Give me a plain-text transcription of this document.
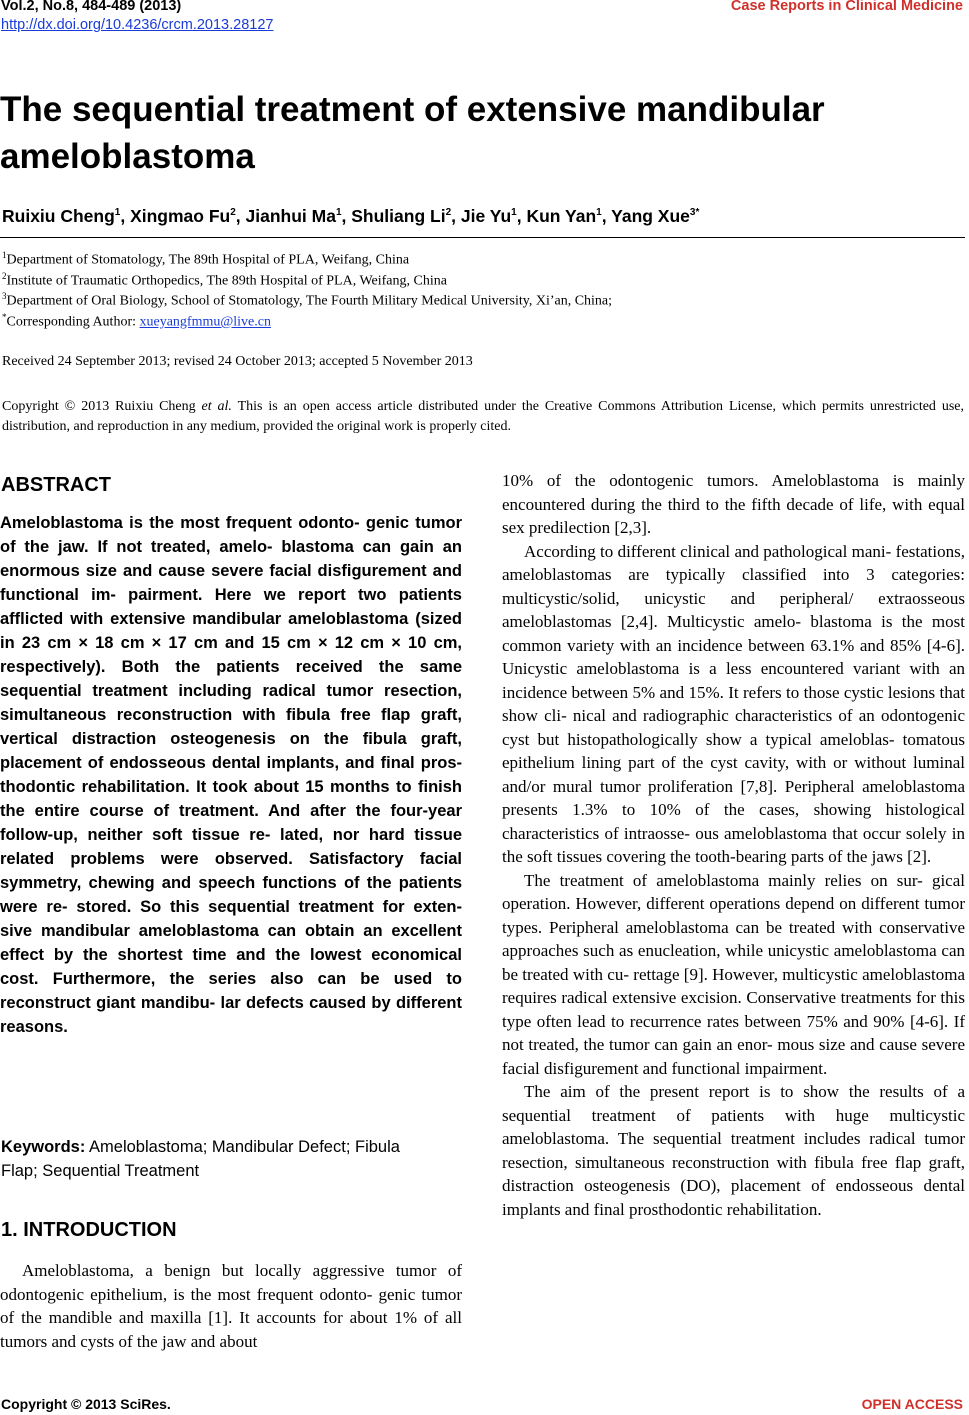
Vol.2, No.8, 484-489 (2013)
http://dx.doi.org/10.4236/crcm.2013.28127
Case Reports in Clinical Medicine
The sequential treatment of extensive mandibular ameloblastoma
Ruixiu Cheng$^1$, Xingmao Fu$^2$, Jianhui Ma$^1$, Shuliang Li$^2$, Jie Yu$^1$, Kun Yan$^1$, Yang Xue$^{3*}$
$^1$Department of Stomatology, The 89th Hospital of PLA, Weifang, China
$^2$Institute of Traumatic Orthopedics, The 89th Hospital of PLA, Weifang, China
$^3$Department of Oral Biology, School of Stomatology, The Fourth Military Medical University, Xi’an, China;
*Corresponding Author: xueyangfmmu@live.cn
Received 24 September 2013; revised 24 October 2013; accepted 5 November 2013
Copyright © 2013 Ruixiu Cheng et al. This is an open access article distributed under the Creative Commons Attribution License, which permits unrestricted use, distribution, and reproduction in any medium, provided the original work is properly cited.
ABSTRACT
Ameloblastoma is the most frequent odonto- genic tumor of the jaw. If not treated, amelo- blastoma can gain an enormous size and cause severe facial disfigurement and functional im- pairment. Here we report two patients afflicted with extensive mandibular ameloblastoma (sized in 23 cm × 18 cm × 17 cm and 15 cm × 12 cm × 10 cm, respectively). Both the patients received the same sequential treatment including radical tumor resection, simultaneous reconstruction with fibula free flap graft, vertical distraction osteogenesis on the fibula graft, placement of endosseous dental implants, and final pros- thodontic rehabilitation. It took about 15 months to finish the entire course of treatment. And after the four-year follow-up, neither soft tissue re- lated, nor hard tissue related problems were observed. Satisfactory facial symmetry, chewing and speech functions of the patients were re- stored. So this sequential treatment for exten- sive mandibular ameloblastoma can obtain an excellent effect by the shortest time and the lowest economical cost. Furthermore, the series also can be used to reconstruct giant mandibu- lar defects caused by different reasons.
Keywords: Ameloblastoma; Mandibular Defect; Fibula Flap; Sequential Treatment
1. INTRODUCTION
Ameloblastoma, a benign but locally aggressive tumor of odontogenic epithelium, is the most frequent odonto- genic tumor of the mandible and maxilla [1]. It accounts for about 1% of all tumors and cysts of the jaw and about

10% of the odontogenic tumors. Ameloblastoma is mainly encountered during the third to the fifth decade of life, with equal sex predilection [2,3].

According to different clinical and pathological mani- festations, ameloblastomas are typically classified into 3 categories: multicystic/solid, unicystic and peripheral/ extraosseous ameloblastomas [2,4]. Multicystic amelo- blastoma is the most common variety with an incidence between 63.1% and 85% [4-6]. Unicystic ameloblastoma is a less encountered variant with an incidence between 5% and 15%. It refers to those cystic lesions that show cli- nical and radiographic characteristics of an odontogenic cyst but histopathologically show a typical ameloblas- tomatous epithelium lining part of the cyst cavity, with or without luminal and/or mural tumor proliferation [7,8]. Peripheral ameloblastoma presents 1.3% to 10% of the cases, showing histological characteristics of intraosse- ous ameloblastoma that occur solely in the soft tissues covering the tooth-bearing parts of the jaws [2].

The treatment of ameloblastoma mainly relies on sur- gical operation. However, different operations depend on different tumor types. Peripheral ameloblastoma can be treated with conservative approaches such as enucleation, while unicystic ameloblastoma can be treated with cu- rettage [9]. However, multicystic ameloblastoma requires radical extensive excision. Conservative treatments for this type often lead to recurrence rates between 75% and 90% [4-6]. If not treated, the tumor can gain an enor- mous size and cause severe facial disfigurement and functional impairment.

The aim of the present report is to show the results of a sequential treatment of patients with huge multicystic ameloblastoma. The sequential treatment includes radical tumor resection, simultaneous reconstruction with fibula free flap graft, distraction osteogenesis (DO), placement of endosseous dental implants and final prosthodontic rehabilitation.

Copyright © 2013 SciRes.	OPEN ACCESS
